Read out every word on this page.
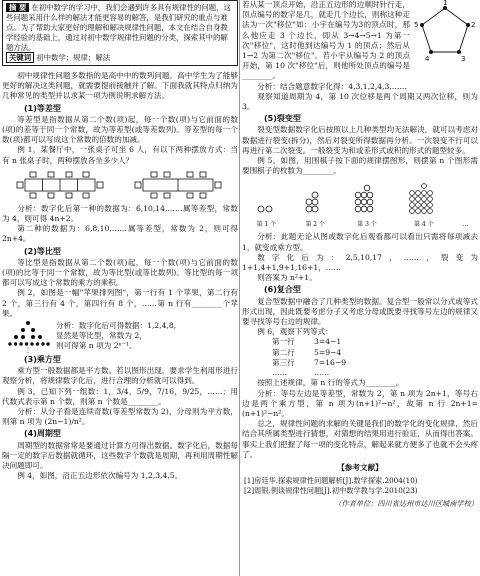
摘 要 在初中数学的学习中，我们会遇到许多具有规律性的问题，这些问题采用什么样的解法才能更容易的解答，是我们研究的重点与难点。为了帮助大家更好的理解和解决规律性问题，本文在结合自身教学经验的基础上，通过对初中数学规律性问题的分类，探索其中的解题方法。
关键词 初中数学；规律；解法

初中规律性问题多数指的是高中中的数列问题。高中学生为了能够更好的解决这类问题，就需要提前接触并了解。下面我就其特点归纳为几种常见的类型并以求某一项为例说明求解方法。

(1)等差型

等差型是指数据从第二个数(项)起，每一个数(项)与它前面的数(项)的差等于同一个常数，故为等差型(或等差数列)。等差型的每一个数(项)都可以写成这个常数的倍数的加减。

例 1，某餐厅中，一张桌子可坐 6 人，有以下两种摆放方式：当有 n 张桌子时，两种摆放各坐多少人？

分析：数字化后第一种的数据为：6,10,14,……属等差型，常数为 4，则可得 4n+2。

第二种的数据为：6,8,10,……属等差型，常数为 2，则可得 2n+4。

(2)等比型

等比型是指数据从第二个数(项)起，每一个数(项)与它前面的数(项)的比等于同一个常数，故为等比型(或等比数列)。等比型的每一项都可以写成这个常数的乘方的乘积。

例 2，如图是一幅"苹果排列图"，第一行有 1 个苹果，第二行有 2 个，第三行有 4 个，第四行有 8 个，……第 n 行有________个苹果。

⋮
分析：数字化后可得数据：1,2,4,8,
显然是等比型，常数为 2，
则可得第 n 项为 2ⁿ⁻¹。
(3)乘方型

乘方型一般数据都是平方数。若以图形出现，要求学生利用形进行观察分析，将规律数字化后，进行合理的分析就可以得到。

例 3，已知下列一组数：1，3/4，5/9，7/16，9/25，……；用代数式表示第 n 个数，则第 n 个数是________。

分析：从分子看是连续奇数(等差型常数为 2)，分母则为平方数，则第 n 项为 (2n−1)/n²。

(4)周期型

周期型的数据常常是要通过计算方可得出数据。数字化后，数据每隔一定的数字后数据就循环，这些数字个数就是周期，再利用周期性解决问题即可。

例 4，如图，沿正五边形依次编号为 1,2,3,4,5。

1
2
3
4
5

若从某一顶点开始，沿正五边形的边顺时针行走，顶点编号的数字是几，就走几个边长，则称这种走法为一次"移位"如：小宇在编号为3的顶点时，那么他应走 3 个边长，即从 3→4→5→1 为第一次"移位"，这时他到达编号为 1 的顶点；然后从 1→2 为第二次"移位"。若小宇从编号为 2 的顶点开始，第 10 次"移位"后，则他所处顶点的编号是________。

分析：结合题意数字化得：4,3,1,2,4,3,……

观察知道周期为 4，第 10 次位移是两个周期又两次位移，则为 3。

(5)裂变型

裂变型数据数字化后按照以上几种类型均无法解决，就可以考虑对数据进行裂变(拆分)，然后对裂变所得数据再分析。一次裂变不行可以再进行第二次裂变。一般裂变为和或差形式或积的形式的题型较多。

例 5，如图，用围棋子按下面的规律摆图形，则摆第 n 个图形需要围棋子的枚数为________。

第 1 个	第 2 个	第 3 个	第 4 个	…

分析：此题无论从图或数字化后观看都可以看出只需将每项减去1，就变成乘方型。

数字化后为：2,5,10,17，……，裂变为 1+1,4+1,9+1,16+1，……

则答案为 n²+1。

(6)复合型

复合型数据中融合了几种类型的数据。复合型一般常以分式或等式形式出现，因此既要考虑分子又考虑分母或既要寻找等号左边的规律又要寻找等号右边的规律。

例 6，观察下列等式：

第一行	3=4−1
第二行	5=9−4
第三行	7=16−9
……	……

按照上述规律，第 n 行的等式为________。

分析：等号左边是等差型，常数为 2，第 n 项为 2n+1，等号右边是两个乘方型，第 n 项为(n+1)²−n²，故第 n 行 2n+1=(n+1)²−n²。

总之，规律性问题的求解的关键是我们的数学化的变化规律，然后结合其所属类型进行猜想，对猜想的结果用进行验证，从而得出答案。事实上我们把握了每一项的变化特点，解起来就方便多了也就不会头疼了。

【参考文献】
[1]房廷华.探索规律性问题解析[J].数学探索.2004(10)
[2]周银.例谈规律性问题[J].初中数学教与学.2010(23)
（作者单位：四川省达州市达川区城南学校）
